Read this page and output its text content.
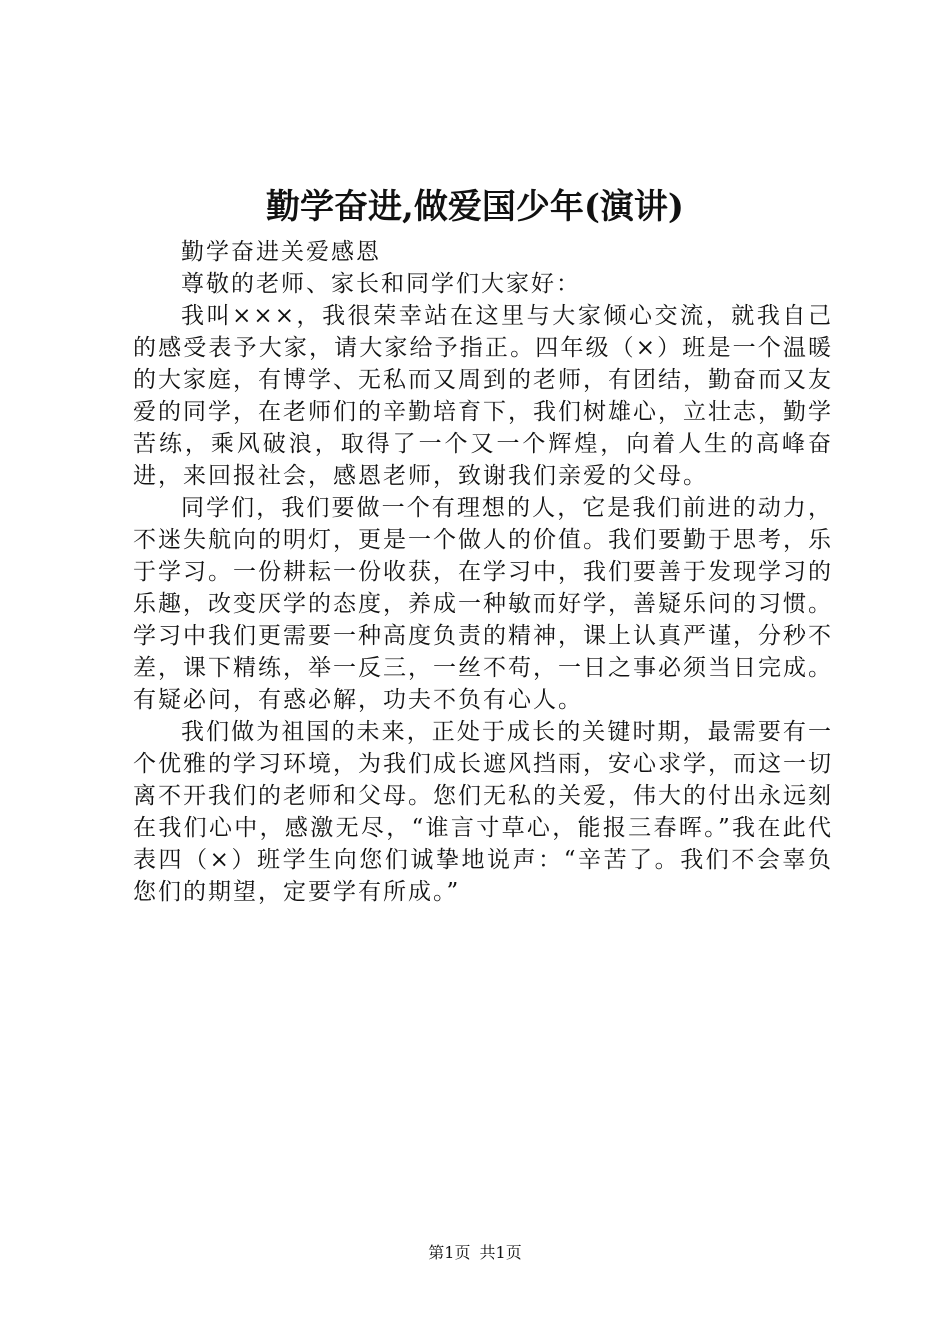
勤学奋进,做爱国少年(演讲)

勤学奋进关爱感恩

尊敬的老师、家长和同学们大家好：

我叫×××，我很荣幸站在这里与大家倾心交流，就我自己的感受表予大家，请大家给予指正。四年级（×）班是一个温暖的大家庭，有博学、无私而又周到的老师，有团结，勤奋而又友爱的同学，在老师们的辛勤培育下，我们树雄心，立壮志，勤学苦练，乘风破浪，取得了一个又一个辉煌，向着人生的高峰奋进，来回报社会，感恩老师，致谢我们亲爱的父母。

同学们，我们要做一个有理想的人，它是我们前进的动力，不迷失航向的明灯，更是一个做人的价值。我们要勤于思考，乐于学习。一份耕耘一份收获，在学习中，我们要善于发现学习的乐趣，改变厌学的态度，养成一种敏而好学，善疑乐问的习惯。学习中我们更需要一种高度负责的精神，课上认真严谨，分秒不差，课下精练，举一反三，一丝不苟，一日之事必须当日完成。有疑必问，有惑必解，功夫不负有心人。

我们做为祖国的未来，正处于成长的关键时期，最需要有一个优雅的学习环境，为我们成长遮风挡雨，安心求学，而这一切离不开我们的老师和父母。您们无私的关爱，伟大的付出永远刻在我们心中，感激无尽，“谁言寸草心，能报三春晖。”我在此代表四（×）班学生向您们诚挚地说声：“辛苦了。我们不会辜负您们的期望，定要学有所成。”

第1页 共1页
